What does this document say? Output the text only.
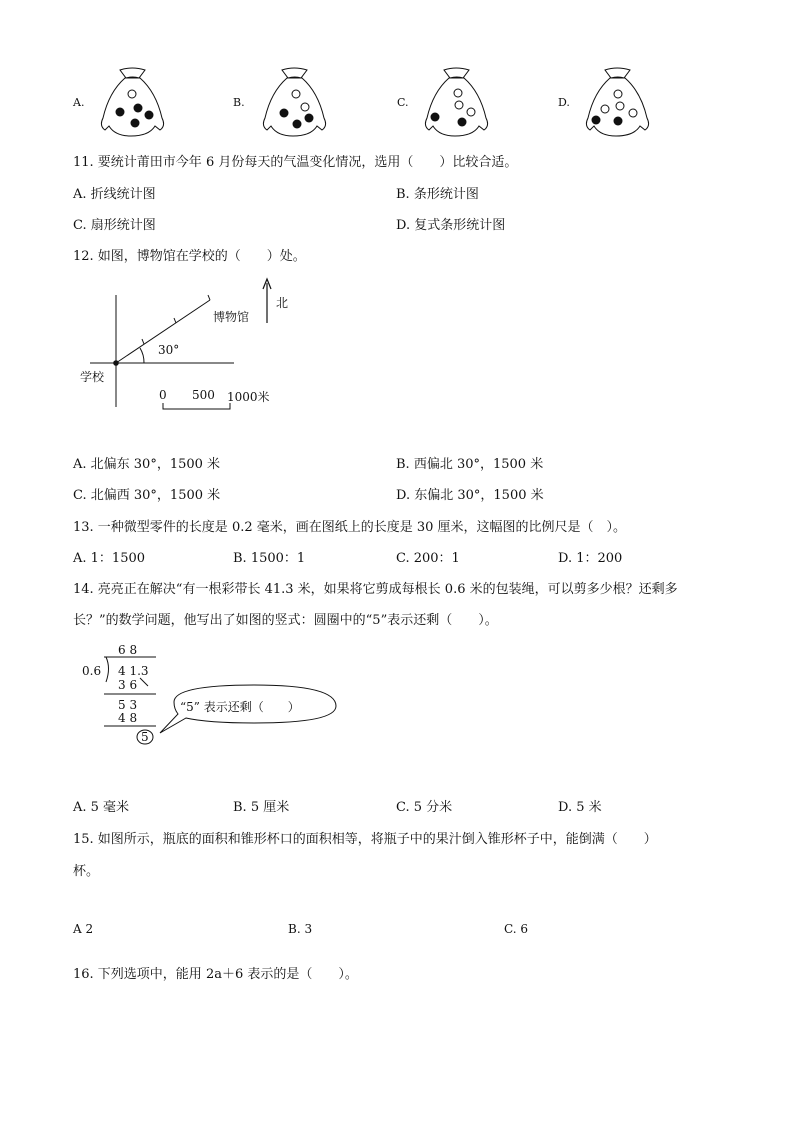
A.	B.	C.	D.
11. 要统计莆田市今年 6 月份每天的气温变化情况，选用（　　）比较合适。
A. 折线统计图	B. 条形统计图
C. 扇形统计图	D. 复式条形统计图
12. 如图，博物馆在学校的（　　）处。
北
博物馆
30°
学校
0 500 1000米
A. 北偏东 30°，1500 米	B. 西偏北 30°，1500 米
C. 北偏西 30°，1500 米	D. 东偏北 30°，1500 米
13. 一种微型零件的长度是 0.2 毫米，画在图纸上的长度是 30 厘米，这幅图的比例尺是（　）。
A. 1：1500	B. 1500：1	C. 200：1	D. 1：200
14. 亮亮正在解决“有一根彩带长 41.3 米，如果将它剪成每根长 0.6 米的包装绳，可以剪多少根？还剩多
长？”的数学问题，他写出了如图的竖式：圆圈中的“5”表示还剩（　　）。
6 8
0.6 4 1.3
3 6
5 3
4 8
5
“5” 表示还剩（　　）
A. 5 毫米	B. 5 厘米	C. 5 分米	D. 5 米
15. 如图所示，瓶底的面积和锥形杯口的面积相等，将瓶子中的果汁倒入锥形杯子中，能倒满（　　）
杯。
A 2	B. 3	C. 6
16. 下列选项中，能用 2a＋6 表示的是（　　）。
